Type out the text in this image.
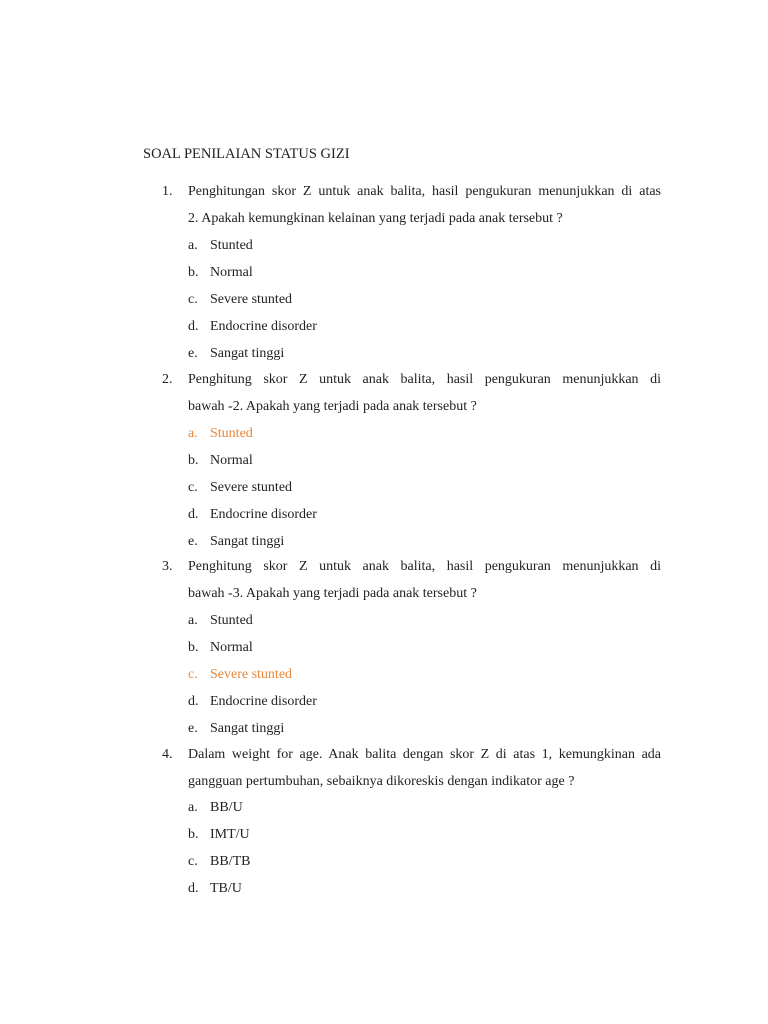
SOAL PENILAIAN STATUS GIZI
1.	Penghitungan skor Z untuk anak balita, hasil pengukuran menunjukkan di atas
2. Apakah kemungkinan kelainan yang terjadi pada anak tersebut ?
a. Stunted
b. Normal
c. Severe stunted
d. Endocrine disorder
e. Sangat tinggi
2.	Penghitung skor Z untuk anak balita, hasil pengukuran menunjukkan di
bawah -2. Apakah yang terjadi pada anak tersebut ?
a. Stunted
b. Normal
c. Severe stunted
d. Endocrine disorder
e. Sangat tinggi
3.	Penghitung skor Z untuk anak balita, hasil pengukuran menunjukkan di
bawah -3. Apakah yang terjadi pada anak tersebut ?
a. Stunted
b. Normal
c. Severe stunted
d. Endocrine disorder
e. Sangat tinggi
4.	Dalam weight for age. Anak balita dengan skor Z di atas 1, kemungkinan ada
gangguan pertumbuhan, sebaiknya dikoreskis dengan indikator age ?
a. BB/U
b. IMT/U
c. BB/TB
d. TB/U
